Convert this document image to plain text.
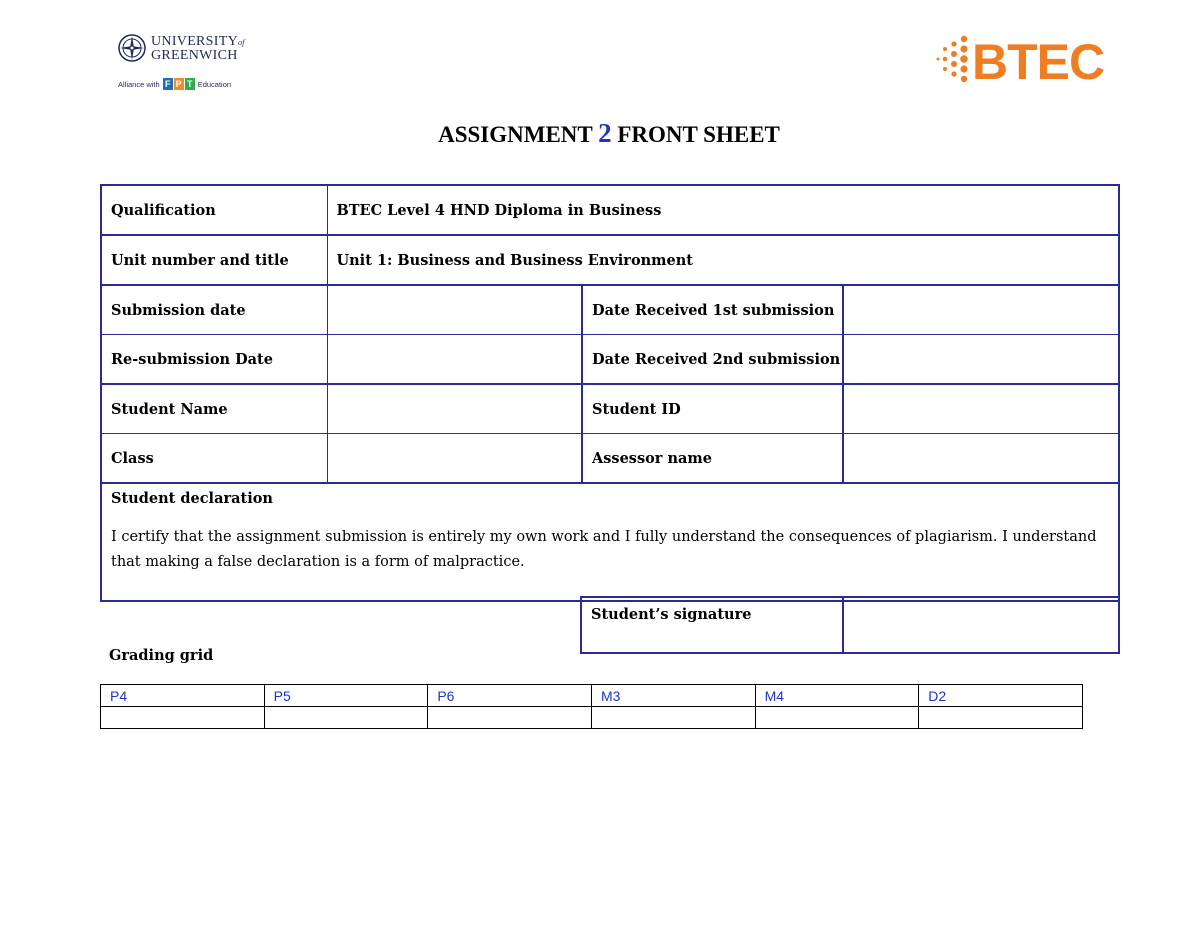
UNIVERSITYof
GREENWICH
Alliance with F P T Education	BTEC
ASSIGNMENT 2 FRONT SHEET
Qualification	BTEC Level 4 HND Diploma in Business		
Unit number and title	Unit 1: Business and Business Environment		
Submission date		Date Received 1st submission	
Re-submission Date		Date Received 2nd submission	
Student Name		Student ID	
Class		Assessor name	

Student declaration
I certify that the assignment submission is entirely my own work and I fully understand the consequences of plagiarism. I understand that making a false declaration is a form of malpractice.			
Student’s signature	
Grading grid
P4	P5	P6	M3	M4	D2
